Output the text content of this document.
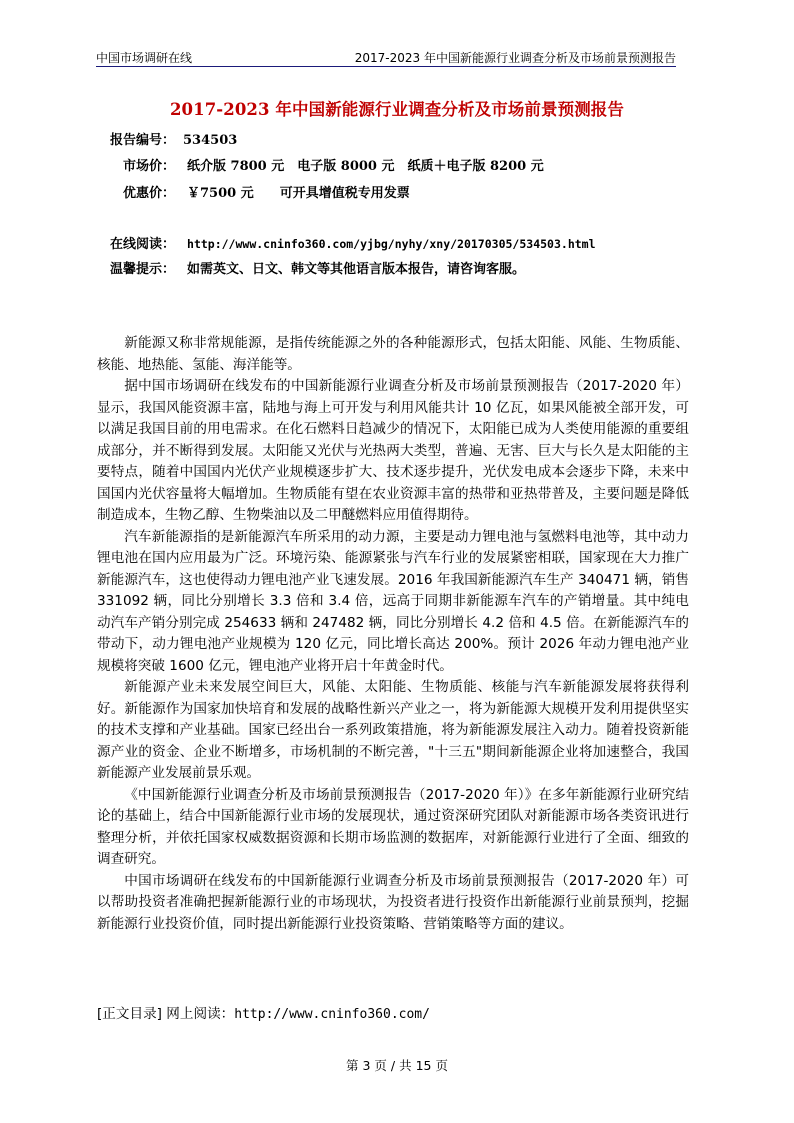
中国市场调研在线	2017-2023 年中国新能源行业调查分析及市场前景预测报告
2017-2023 年中国新能源行业调查分析及市场前景预测报告
报告编号： 534503
市场价： 纸介版 7800 元　电子版 8000 元　纸质＋电子版 8200 元
优惠价： ￥7500 元　　可开具增值税专用发票
在线阅读： http://www.cninfo360.com/yjbg/nyhy/xny/20170305/534503.html
温馨提示： 如需英文、日文、韩文等其他语言版本报告，请咨询客服。

新能源又称非常规能源，是指传统能源之外的各种能源形式，包括太阳能、风能、生物质能、核能、地热能、氢能、海洋能等。

据中国市场调研在线发布的中国新能源行业调查分析及市场前景预测报告（2017-2020 年）显示，我国风能资源丰富，陆地与海上可开发与利用风能共计 10 亿瓦，如果风能被全部开发，可以满足我国目前的用电需求。在化石燃料日趋减少的情况下，太阳能已成为人类使用能源的重要组成部分，并不断得到发展。太阳能又光伏与光热两大类型，普遍、无害、巨大与长久是太阳能的主要特点，随着中国国内光伏产业规模逐步扩大、技术逐步提升，光伏发电成本会逐步下降，未来中国国内光伏容量将大幅增加。生物质能有望在农业资源丰富的热带和亚热带普及，主要问题是降低制造成本，生物乙醇、生物柴油以及二甲醚燃料应用值得期待。

汽车新能源指的是新能源汽车所采用的动力源，主要是动力锂电池与氢燃料电池等，其中动力锂电池在国内应用最为广泛。环境污染、能源紧张与汽车行业的发展紧密相联，国家现在大力推广新能源汽车，这也使得动力锂电池产业飞速发展。2016 年我国新能源汽车生产 340471 辆，销售 331092 辆，同比分别增长 3.3 倍和 3.4 倍，远高于同期非新能源车汽车的产销增量。其中纯电动汽车产销分别完成 254633 辆和 247482 辆，同比分别增长 4.2 倍和 4.5 倍。在新能源汽车的带动下，动力锂电池产业规模为 120 亿元，同比增长高达 200%。预计 2026 年动力锂电池产业规模将突破 1600 亿元，锂电池产业将开启十年黄金时代。

新能源产业未来发展空间巨大，风能、太阳能、生物质能、核能与汽车新能源发展将获得利好。新能源作为国家加快培育和发展的战略性新兴产业之一，将为新能源大规模开发利用提供坚实的技术支撑和产业基础。国家已经出台一系列政策措施，将为新能源发展注入动力。随着投资新能源产业的资金、企业不断增多，市场机制的不断完善，"十三五"期间新能源企业将加速整合，我国新能源产业发展前景乐观。

《中国新能源行业调查分析及市场前景预测报告（2017-2020 年）》在多年新能源行业研究结论的基础上，结合中国新能源行业市场的发展现状，通过资深研究团队对新能源市场各类资讯进行整理分析，并依托国家权威数据资源和长期市场监测的数据库，对新能源行业进行了全面、细致的调查研究。

中国市场调研在线发布的中国新能源行业调查分析及市场前景预测报告（2017-2020 年）可以帮助投资者准确把握新能源行业的市场现状，为投资者进行投资作出新能源行业前景预判，挖掘新能源行业投资价值，同时提出新能源行业投资策略、营销策略等方面的建议。

[正文目录] 网上阅读：http://www.cninfo360.com/
第 3 页 / 共 15 页
